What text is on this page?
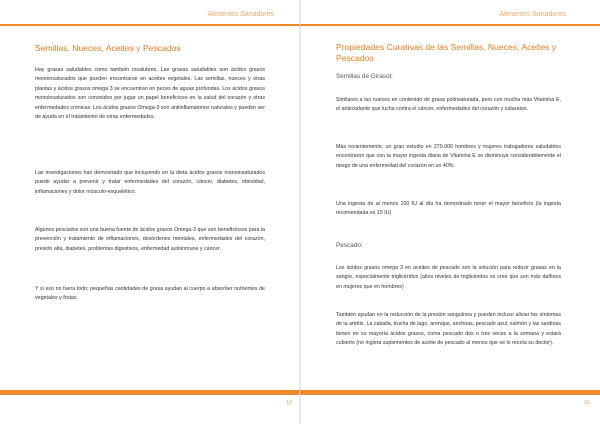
Alimentos Sanadores
Semillas, Nueces, Aceites y Pescados

Hay grasas saludables como también insalubres. Las grasas saludables son ácidos grasos monoinsaturados que pueden encontrarse en aceites vegetales. Las semillas, nueces y otras plantas y ácidos grasos omega 3 se encuentran en peces de aguas profundas. Los ácidos grasos monoinsaturados son conocidos por jugar un papel beneficioso en la salud del corazón y otras enfermedades crónicas. Los ácidos grasos Omega-3 son antiinflamatorios naturales y pueden ser de ayuda en el tratamiento de otras enfermedades.

Las investigaciones han demostrado que incluyendo en la dieta ácidos grasos monoinsaturados puede ayudar a prevenir y tratar enfermedades del corazón, cáncer, diabetes, obesidad, inflamaciones y dolor músculo-esquelético.

Algunos pescados son una buena fuente de ácidos grasos Omega-3 que son beneficiosos para la prevención y tratamiento de inflamaciones, desórdenes mentales, enfermedades del corazón, presión alta, diabetes, problemas digestivos, enfermedad autoinmune y cáncer.

Y si eso no fuera todo; pequeñas cantidades de grasa ayudan al cuerpo a absorber nutrientes de vegetales y frutas.

15
Alimentos Sanadores
Propiedades Curativas de las Semillas, Nueces, Aceites y Pescados
Semillas de Girasol:

Similares a las nueces en contenido de grasa polinsaturada, pero con mucha más Vitamina E, el antioxidante que lucha contra el cáncer, enfermedades del corazón y cataratas.

Más recientemente, un gran estudio en 279.000 hombres y mujeres trabajadores saludables encontraron que con la mayor ingesta diaria de Vitamina E se disminuye considerablemente el riesgo de una enfermedad del corazón en un 40%.

Una ingesta de al menos 100 IU al día ha demostrado tener el mayor beneficio (la ingesta recomendada es 15 IU)

Pescado:

Los ácidos grasos omega 3 en aceites de pescado son la solución para reducir grasas en la sangre, especialmente triglicéridos (altos niveles de triglicéridos se cree que son más dañinos en mujeres que en hombres)

También ayudan en la reducción de la presión sanguínea y pueden incluso aliviar los síntomas de la artritis. La caballa, trucha de lago, arenque, anchoas, pescado azul, salmón y las sardinas tienen en su mayoría ácidos grasos, coma pescado dos o tres veces a la semana y estará cubierto (no ingiera suplementos de aceite de pescado al menos que se lo receta su doctor).

16
